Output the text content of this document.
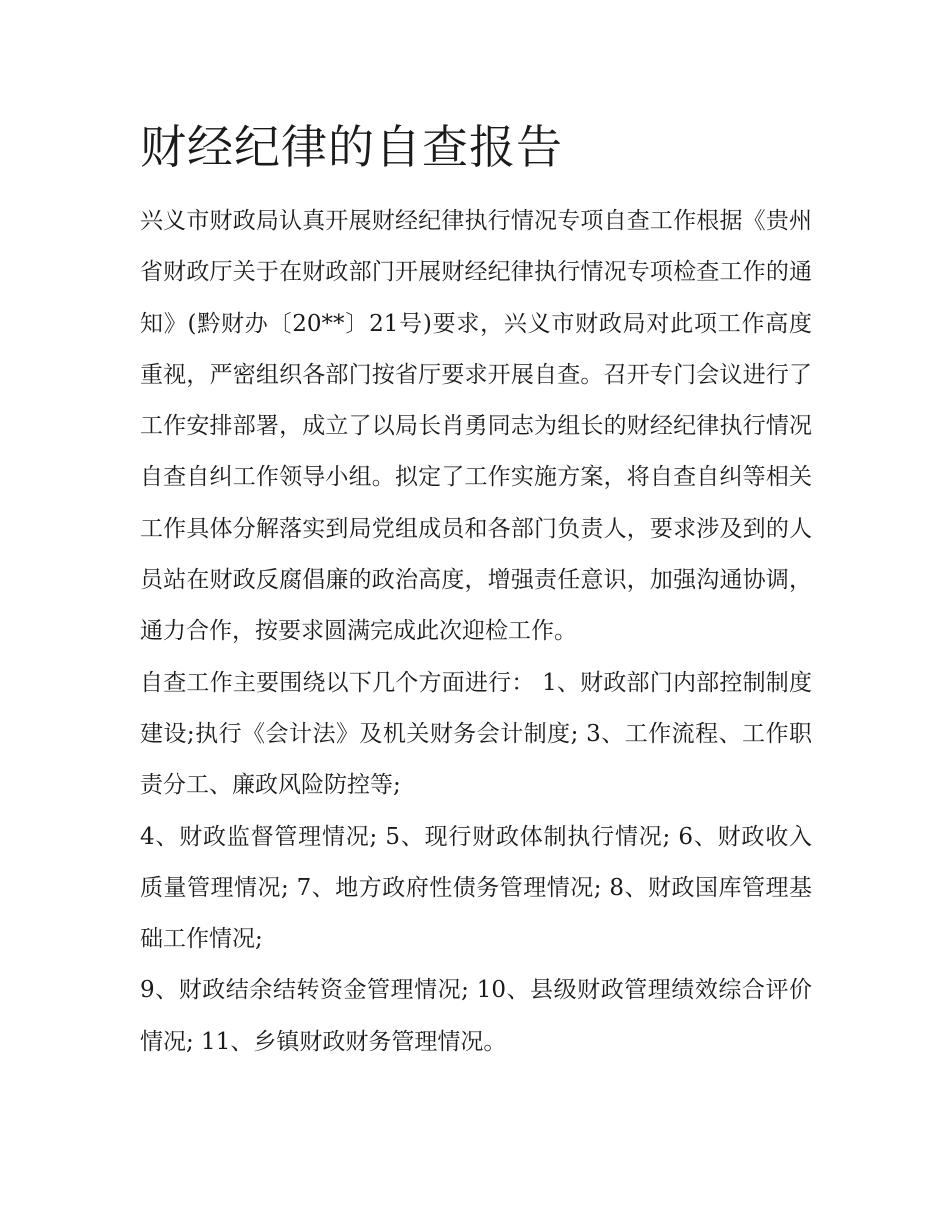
财经纪律的自查报告

兴义市财政局认真开展财经纪律执行情况专项自查工作根据《贵州省财政厅关于在财政部门开展财经纪律执行情况专项检查工作的通知》(黔财办〔20**〕21号)要求，兴义市财政局对此项工作高度重视，严密组织各部门按省厅要求开展自查。召开专门会议进行了工作安排部署，成立了以局长肖勇同志为组长的财经纪律执行情况自查自纠工作领导小组。拟定了工作实施方案，将自查自纠等相关工作具体分解落实到局党组成员和各部门负责人，要求涉及到的人员站在财政反腐倡廉的政治高度，增强责任意识，加强沟通协调，通力合作，按要求圆满完成此次迎检工作。

自查工作主要围绕以下几个方面进行： 1、财政部门内部控制制度建设;执行《会计法》及机关财务会计制度; 3、工作流程、工作职责分工、廉政风险防控等;

4、财政监督管理情况; 5、现行财政体制执行情况; 6、财政收入质量管理情况; 7、地方政府性债务管理情况; 8、财政国库管理基础工作情况;

9、财政结余结转资金管理情况; 10、县级财政管理绩效综合评价情况; 11、乡镇财政财务管理情况。
